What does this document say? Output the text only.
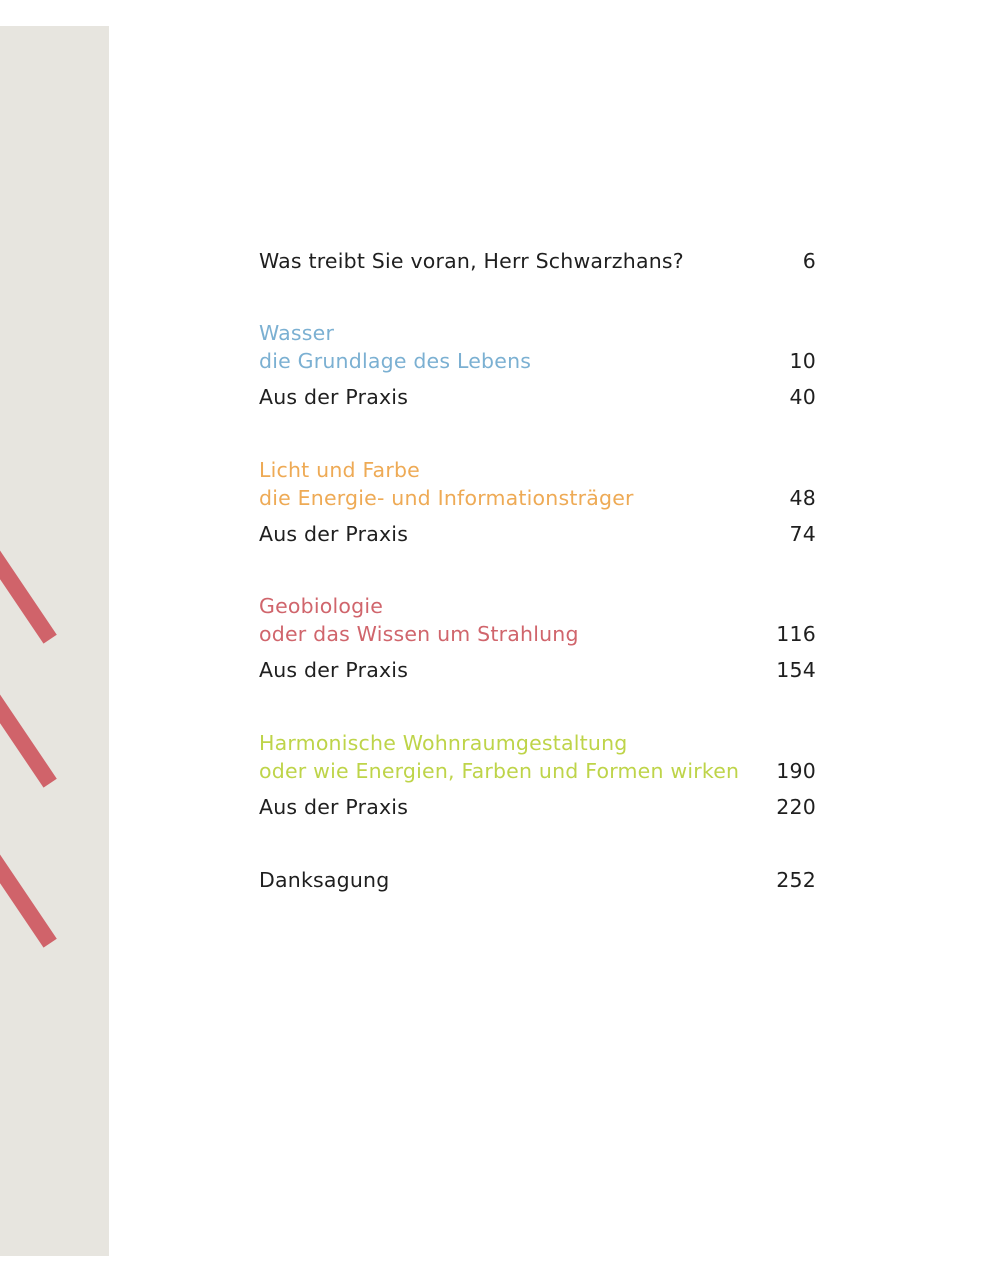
Was treibt Sie voran, Herr Schwarzhans?	6
Wasser
die Grundlage des Lebens	10
Aus der Praxis	40
Licht und Farbe
die Energie- und Informationsträger	48
Aus der Praxis	74
Geobiologie
oder das Wissen um Strahlung	116
Aus der Praxis	154
Harmonische Wohnraumgestaltung
oder wie Energien, Farben und Formen wirken 190
Aus der Praxis	220
Danksagung	252
